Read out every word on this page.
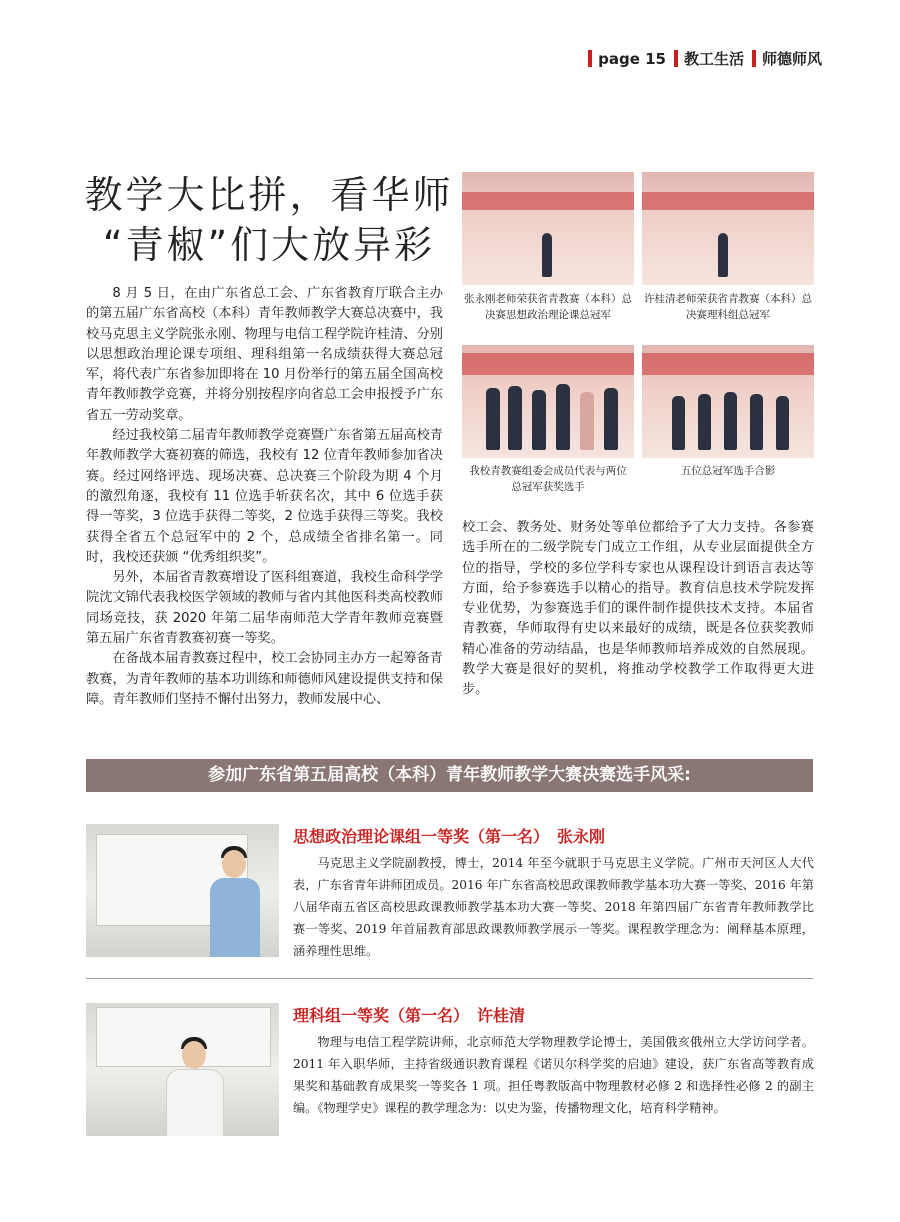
page 15 教工生活 师德师风
教学大比拼，看华师
“青椒”们大放异彩

8 月 5 日，在由广东省总工会、广东省教育厅联合主办的第五届广东省高校（本科）青年教师教学大赛总决赛中，我校马克思主义学院张永刚、物理与电信工程学院许桂清、分别以思想政治理论课专项组、理科组第一名成绩获得大赛总冠军，将代表广东省参加即将在 10 月份举行的第五届全国高校青年教师教学竞赛，并将分别按程序向省总工会申报授予广东省五一劳动奖章。

经过我校第二届青年教师教学竞赛暨广东省第五届高校青年教师教学大赛初赛的筛选，我校有 12 位青年教师参加省决赛。经过网络评选、现场决赛、总决赛三个阶段为期 4 个月的激烈角逐，我校有 11 位选手斩获名次，其中 6 位选手获得一等奖，3 位选手获得二等奖，2 位选手获得三等奖。我校获得全省五个总冠军中的 2 个，总成绩全省排名第一。同时，我校还获颁 “优秀组织奖”。

另外，本届省青教赛增设了医科组赛道，我校生命科学学院沈文锦代表我校医学领域的教师与省内其他医科类高校教师同场竞技，获 2020 年第二届华南师范大学青年教师竞赛暨第五届广东省青教赛初赛一等奖。

在备战本届青教赛过程中，校工会协同主办方一起筹备青教赛，为青年教师的基本功训练和师德师风建设提供支持和保障。青年教师们坚持不懈付出努力，教师发展中心、

张永刚老师荣获省青教赛（本科）总决赛思想政治理论课总冠军
许桂清老师荣获省青教赛（本科）总决赛理科组总冠军
我校青教赛组委会成员代表与两位总冠军获奖选手
五位总冠军选手合影

校工会、教务处、财务处等单位都给予了大力支持。各参赛选手所在的二级学院专门成立工作组，从专业层面提供全方位的指导，学校的多位学科专家也从课程设计到语言表达等方面，给予参赛选手以精心的指导。教育信息技术学院发挥专业优势，为参赛选手们的课件制作提供技术支持。本届省青教赛，华师取得有史以来最好的成绩，既是各位获奖教师精心准备的劳动结晶，也是华师教师培养成效的自然展现。教学大赛是很好的契机，将推动学校教学工作取得更大进步。

参加广东省第五届高校（本科）青年教师教学大赛决赛选手风采:
思想政治理论课组一等奖（第一名）　张永刚

马克思主义学院副教授，博士，2014 年至今就职于马克思主义学院。广州市天河区人大代表，广东省青年讲师团成员。2016 年广东省高校思政课教师教学基本功大赛一等奖、2016 年第八届华南五省区高校思政课教师教学基本功大赛一等奖、2018 年第四届广东省青年教师教学比赛一等奖、2019 年首届教育部思政课教师教学展示一等奖。课程教学理念为：阐释基本原理，涵养理性思维。

理科组一等奖（第一名）　许桂清

物理与电信工程学院讲师，北京师范大学物理教学论博士，美国俄亥俄州立大学访问学者。2011 年入职华师，主持省级通识教育课程《诺贝尔科学奖的启迪》建设，获广东省高等教育成果奖和基础教育成果奖一等奖各 1 项。担任粤教版高中物理教材必修 2 和选择性必修 2 的副主编。《物理学史》课程的教学理念为：以史为鉴，传播物理文化，培育科学精神。
